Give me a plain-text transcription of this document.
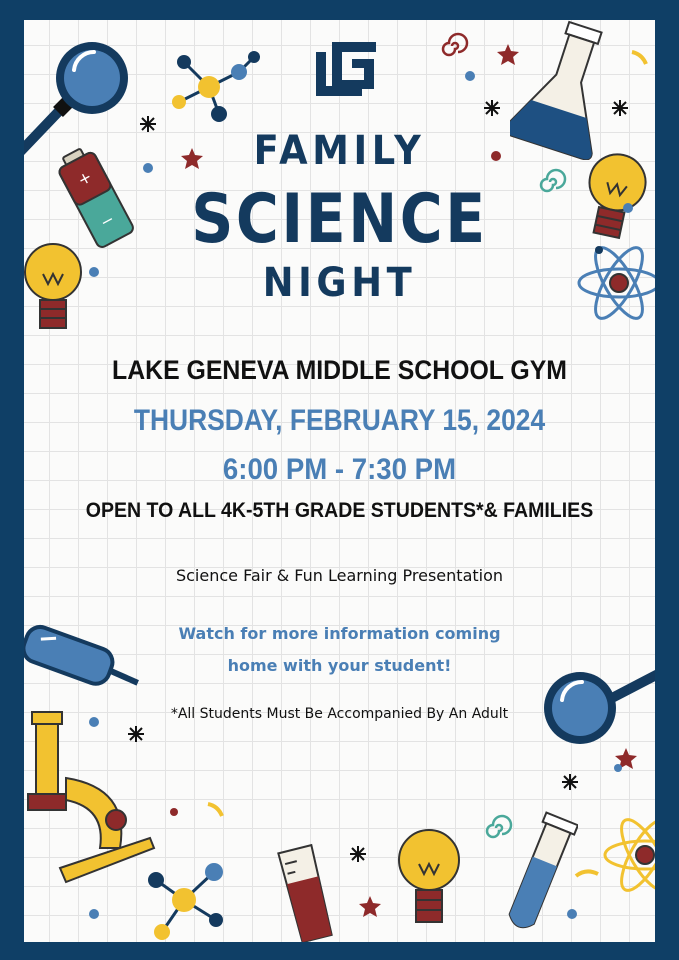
+
−
FAMILY
SCIENCE
NIGHT
LAKE GENEVA MIDDLE SCHOOL GYM
THURSDAY, FEBRUARY 15, 2024
6:00 PM - 7:30 PM
OPEN TO ALL 4K-5TH GRADE STUDENTS*& FAMILIES
Science Fair & Fun Learning Presentation
Watch for more information coming
home with your student!
*All Students Must Be Accompanied By An Adult
